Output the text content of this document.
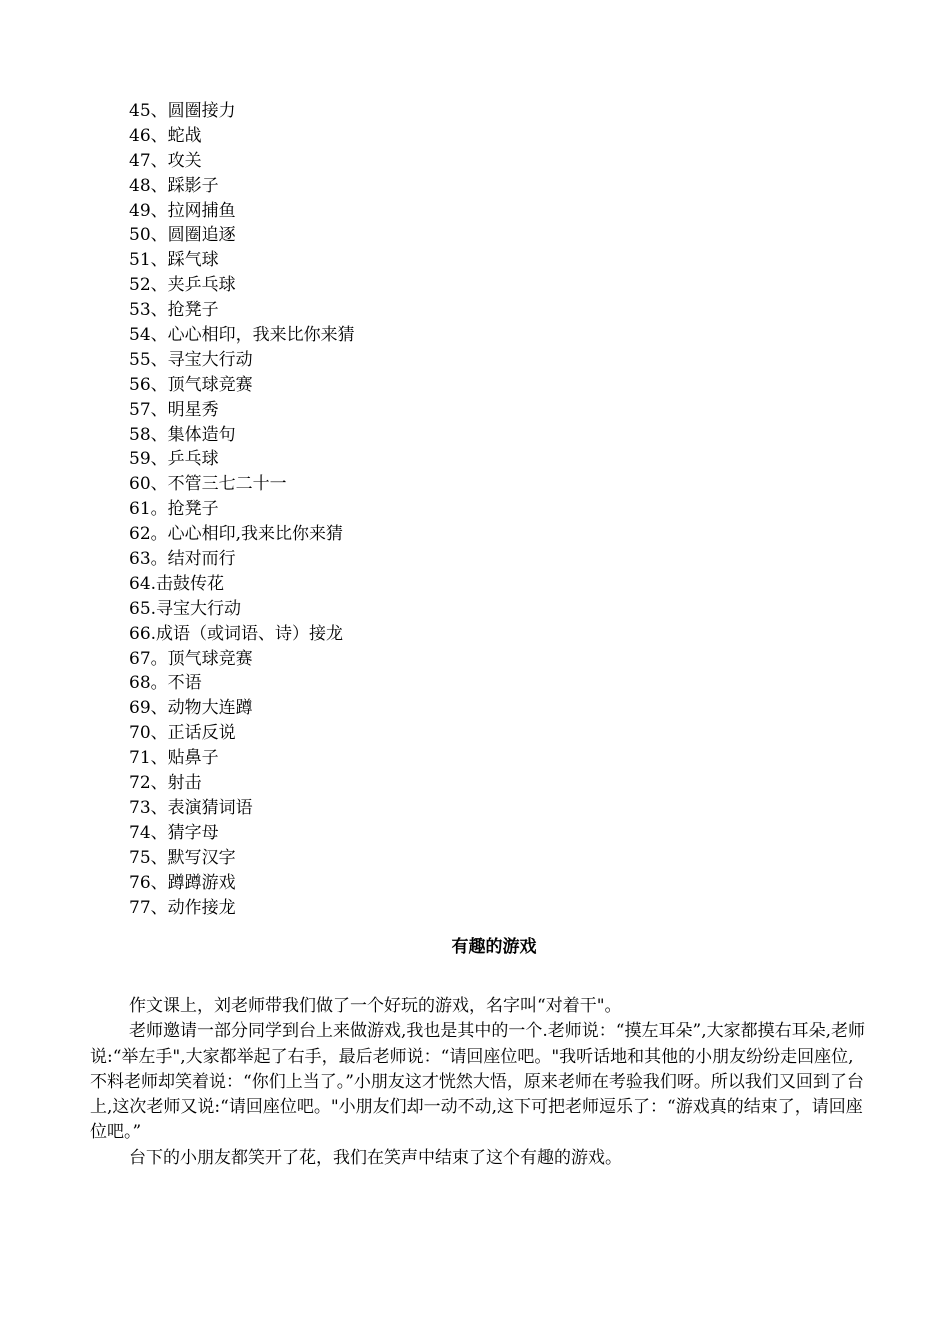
45、圆圈接力
46、蛇战
47、攻关
48、踩影子
49、拉网捕鱼
50、圆圈追逐
51、踩气球
52、夹乒乓球
53、抢凳子
54、心心相印，我来比你来猜
55、寻宝大行动
56、顶气球竞赛
57、明星秀
58、集体造句
59、乒乓球
60、不管三七二十一
61。抢凳子
62。心心相印,我来比你来猜
63。结对而行
64.击鼓传花
65.寻宝大行动
66.成语（或词语、诗）接龙
67。顶气球竞赛
68。不语
69、动物大连蹲
70、正话反说
71、贴鼻子
72、射击
73、表演猜词语
74、猜字母
75、默写汉字
76、蹲蹲游戏
77、动作接龙
有趣的游戏

作文课上，刘老师带我们做了一个好玩的游戏，名字叫“对着干"。

老师邀请一部分同学到台上来做游戏,我也是其中的一个.老师说：“摸左耳朵”,大家都摸右耳朵,老师说:“举左手",大家都举起了右手，最后老师说：“请回座位吧。"我听话地和其他的小朋友纷纷走回座位,不料老师却笑着说：“你们上当了。”小朋友这才恍然大悟，原来老师在考验我们呀。所以我们又回到了台上,这次老师又说:“请回座位吧。"小朋友们却一动不动,这下可把老师逗乐了：“游戏真的结束了，请回座位吧。”

台下的小朋友都笑开了花，我们在笑声中结束了这个有趣的游戏。
